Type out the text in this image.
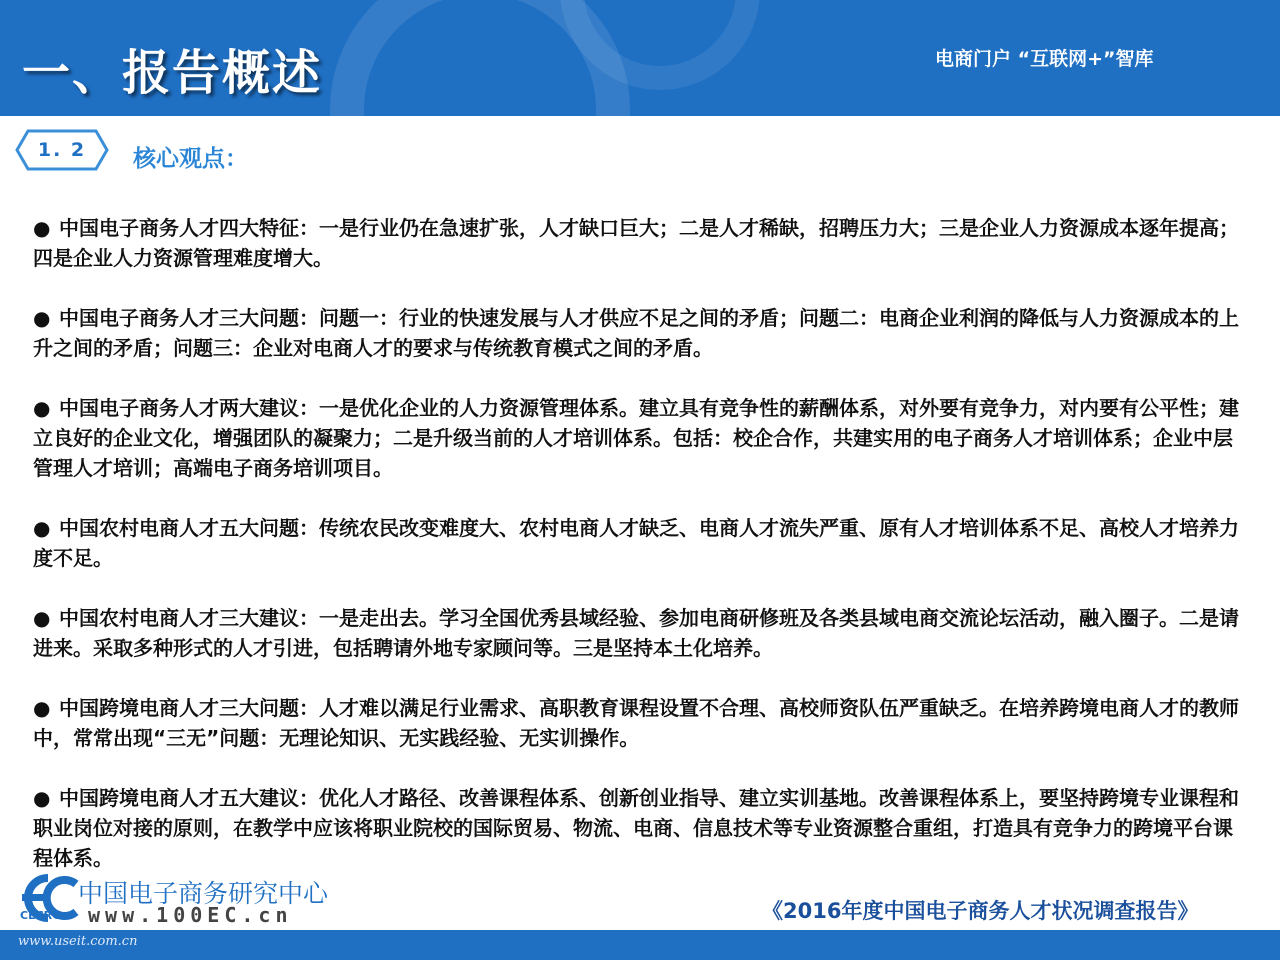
一、报告概述	电商门户 “互联网+”智库
1. 2	核心观点：
● 中国电子商务人才四大特征：一是行业仍在急速扩张，人才缺口巨大；二是人才稀缺，招聘压力大；三是企业人力资源成本逐年提高；四是企业人力资源管理难度增大。
● 中国电子商务人才三大问题：问题一：行业的快速发展与人才供应不足之间的矛盾；问题二：电商企业利润的降低与人力资源成本的上升之间的矛盾；问题三：企业对电商人才的要求与传统教育模式之间的矛盾。
● 中国电子商务人才两大建议：一是优化企业的人力资源管理体系。建立具有竞争性的薪酬体系，对外要有竞争力，对内要有公平性；建立良好的企业文化，增强团队的凝聚力；二是升级当前的人才培训体系。包括：校企合作，共建实用的电子商务人才培训体系；企业中层管理人才培训；高端电子商务培训项目。
● 中国农村电商人才五大问题：传统农民改变难度大、农村电商人才缺乏、电商人才流失严重、原有人才培训体系不足、高校人才培养力度不足。
● 中国农村电商人才三大建议：一是走出去。学习全国优秀县域经验、参加电商研修班及各类县域电商交流论坛活动，融入圈子。二是请进来。采取多种形式的人才引进，包括聘请外地专家顾问等。三是坚持本土化培养。
● 中国跨境电商人才三大问题：人才难以满足行业需求、高职教育课程设置不合理、高校师资队伍严重缺乏。在培养跨境电商人才的教师中，常常出现“三无”问题：无理论知识、无实践经验、无实训操作。
● 中国跨境电商人才五大建议：优化人才路径、改善课程体系、创新创业指导、建立实训基地。改善课程体系上，要坚持跨境专业课程和职业岗位对接的原则，在教学中应该将职业院校的国际贸易、物流、电商、信息技术等专业资源整合重组，打造具有竞争力的跨境平台课程体系。
中国电子商务研究中心
CECRC www.100EC.cn	《2016年度中国电子商务人才状况调查报告》
www.useit.com.cn
